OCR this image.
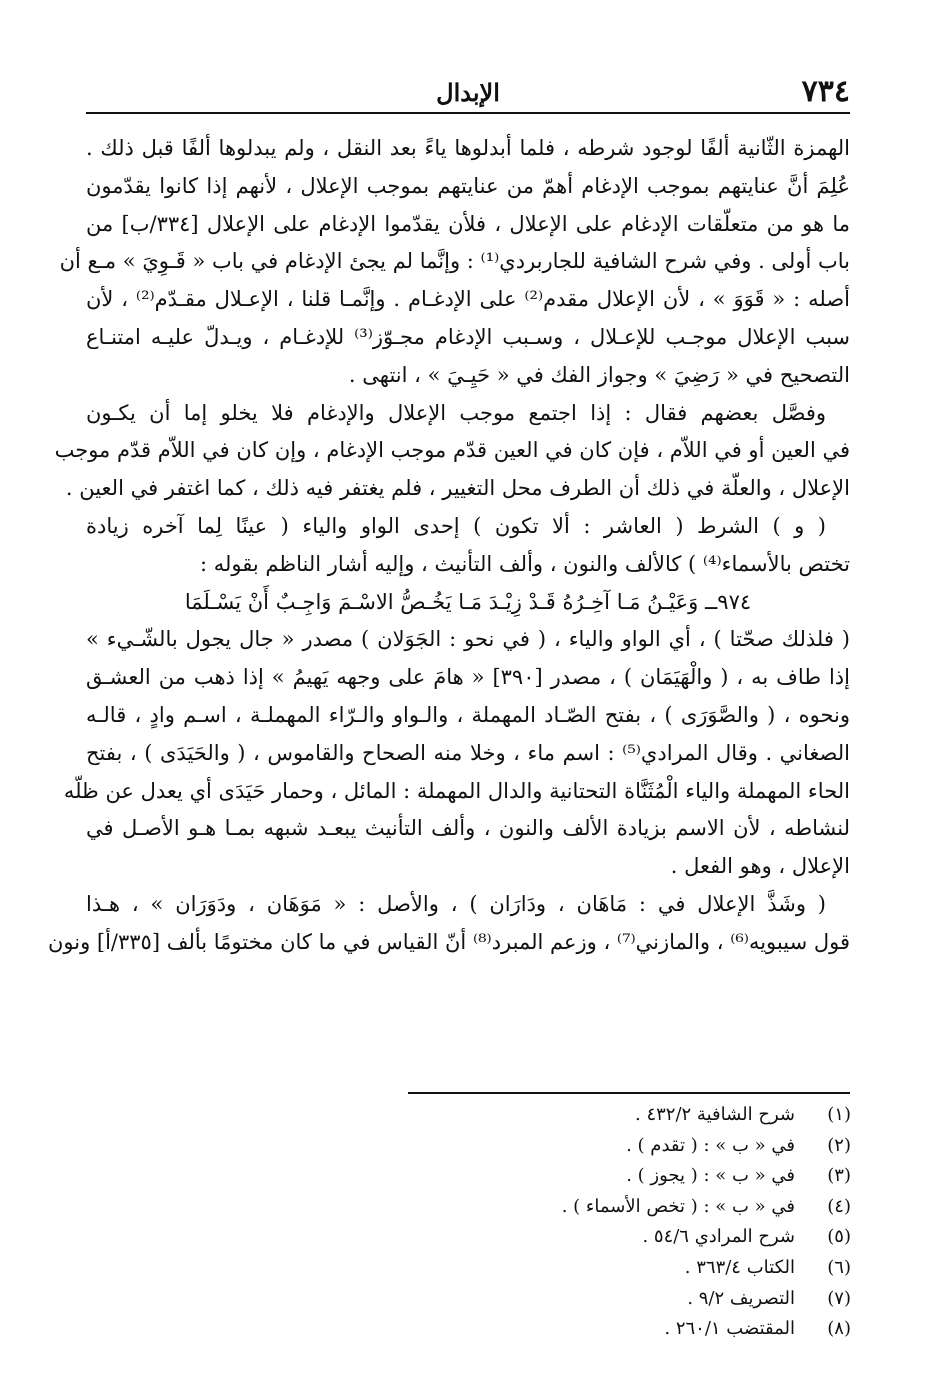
٧٣٤
الإبدال
الهمزة الثّانية ألفًا لوجود شرطه ، فلما أبدلوها ياءً بعد النقل ، ولم يبدلوها ألفًا قبل ذلك .
عُلِمَ أنَّ عنايتهم بموجب الإدغام أهمّ من عنايتهم بموجب الإعلال ، لأنهم إذا كانوا يقدّمون
ما هو من متعلّقات الإدغام على الإعلال ، فلأن يقدّموا الإدغام على الإعلال [٣٣٤/ب] من
باب أولى . وفي شرح الشافية للجاربردي⁽¹⁾ : وإنَّما لم يجئ الإدغام في باب « قَـوِيَ » مـع أن
أصله : « قَوَوَ » ، لأن الإعلال مقدم⁽²⁾ على الإدغـام . وإنَّمـا قلنا ، الإعـلال مقـدّم⁽²⁾ ، لأن
سبب الإعلال موجـب للإعـلال ، وسـبب الإدغام مجـوّز⁽³⁾ للإدغـام ، ويـدلّ عليـه امتنـاع
التصحيح في « رَضِيَ » وجواز الفك في « حَيِـيَ » ، انتهى .
وفصَّل بعضهم فقال : إذا اجتمع موجب الإعلال والإدغام فلا يخلو إما أن يكـون
في العين أو في اللاّم ، فإن كان في العين قدّم موجب الإدغام ، وإن كان في اللاّم قدّم موجب
الإعلال ، والعلّة في ذلك أن الطرف محل التغيير ، فلم يغتفر فيه ذلك ، كما اغتفر في العين .
( و ) الشرط ( العاشر : ألا تكون ) إحدى الواو والياء ( عينًا لِما آخره زيادة
تختص بالأسماء⁽⁴⁾ ) كالألف والنون ، وألف التأنيث ، وإليه أشار الناظم بقوله :
٩٧٤ــ وَعَيْـنُ مَـا آخِـرُهُ قَـدْ زِيْـدَ مَـا يَخُـصُّ الاسْـمَ وَاجِـبٌ أَنْ يَسْـلَمَا
( فلذلك صحّتا ) ، أي الواو والياء ، ( في نحو : الجَوَلان ) مصدر « جال يجول بالشّـيء »
إذا طاف به ، ( والْهَيَمَان ) ، مصدر [٣٩٠] « هامَ على وجهه يَهيمُ » إذا ذهب من العشـق
ونحوه ، ( والصَّوَرَى ) ، بفتح الصّـاد المهملة ، والـواو والـرّاء المهملـة ، اسـم وادٍ ، قالـه
الصغاني . وقال المرادي⁽⁵⁾ : اسم ماء ، وخلا منه الصحاح والقاموس ، ( والحَيَدَى ) ، بفتح
الحاء المهملة والياء الْمُثَنَّاة التحتانية والدال المهملة : المائل ، وحمار حَيَدَى أي يعدل عن ظلّه
لنشاطه ، لأن الاسم بزيادة الألف والنون ، وألف التأنيث يبعـد شبهه بمـا هـو الأصـل في
الإعلال ، وهو الفعل .
( وشَذَّ الإعلال في : مَاهَان ، ودَارَان ) ، والأصل : « مَوَهَان ، ودَوَرَان » ، هـذا
قول سيبويه⁽⁶⁾ ، والمازني⁽⁷⁾ ، وزعم المبرد⁽⁸⁾ أنّ القياس في ما كان مختومًا بألف [٣٣٥/أ] ونون
(١)شرح الشافية ٤٣٢/٢ .
(٢)في « ب » : ( تقدم ) .
(٣)في « ب » : ( يجوز ) .
(٤)في « ب » : ( تخص الأسماء ) .
(٥)شرح المرادي ٥٤/٦ .
(٦)الكتاب ٣٦٣/٤ .
(٧)التصريف ٩/٢ .
(٨)المقتضب ٢٦٠/١ .
